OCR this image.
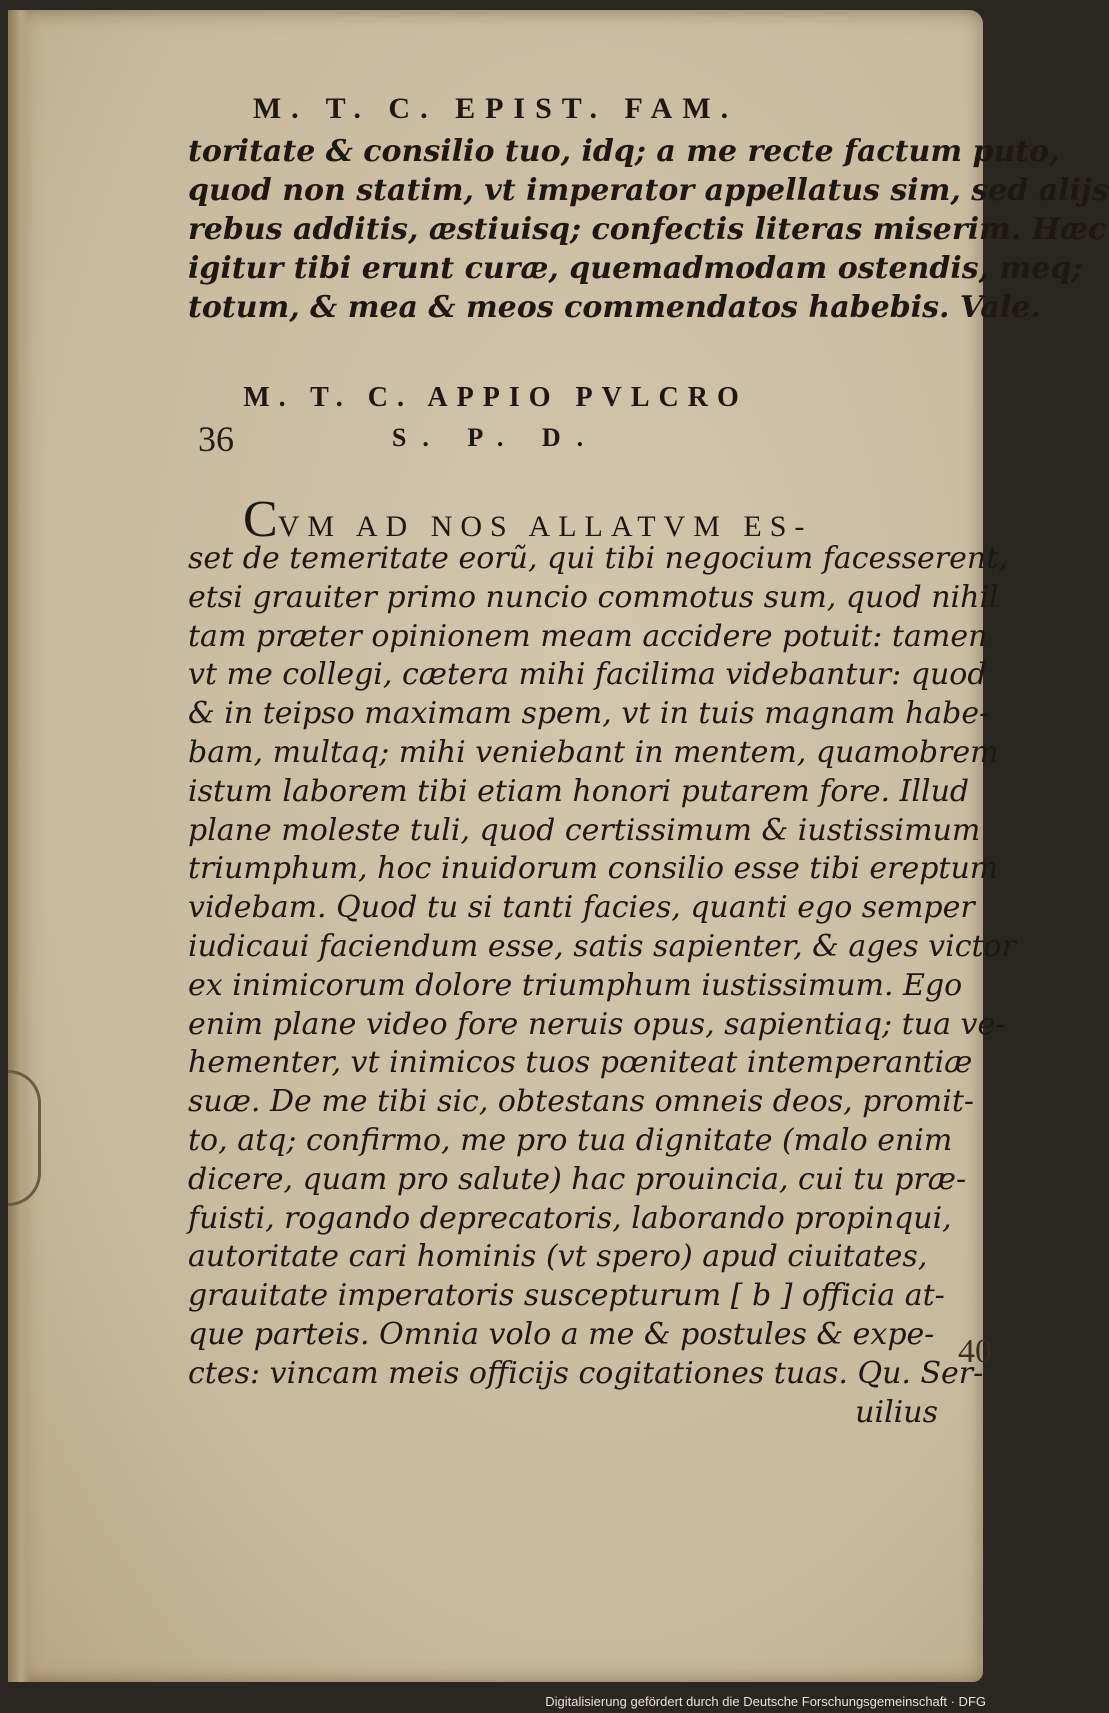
M. T. C. EPIST. FAM.

toritate & consilio tuo, idq; a me recte factum puto,
quod non statim, vt imperator appellatus sim, sed alijs
rebus additis, æstiuisq; confectis literas miserim. Hæc
igitur tibi erunt curæ, quemadmodam ostendis, meq;
totum, & mea & meos commendatos habebis. Vale.

M. T. C. APPIO PVLCRO
36	S. P. D.
CVM AD NOS ALLATVM ES-

set de temeritate eorũ, qui tibi negocium facesserent,
etsi grauiter primo nuncio commotus sum, quod nihil
tam præter opinionem meam accidere potuit: tamen
vt me collegi, cætera mihi facilima videbantur: quod
& in teipso maximam spem, vt in tuis magnam habe-
bam, multaq; mihi veniebant in mentem, quamobrem
istum laborem tibi etiam honori putarem fore. Illud
plane moleste tuli, quod certissimum & iustissimum
triumphum, hoc inuidorum consilio esse tibi ereptum
videbam. Quod tu si tanti facies, quanti ego semper
iudicaui faciendum esse, satis sapienter, & ages victor
ex inimicorum dolore triumphum iustissimum. Ego
enim plane video fore neruis opus, sapientiaq; tua ve-
hementer, vt inimicos tuos pœniteat intemperantiæ
suæ. De me tibi sic, obtestans omneis deos, promit-
to, atq; confirmo, me pro tua dignitate (malo enim
dicere, quam pro salute) hac prouincia, cui tu præ-
fuisti, rogando deprecatoris, laborando propinqui,
autoritate cari hominis (vt spero) apud ciuitates,
grauitate imperatoris suscepturum [ b ] officia at-
que parteis. Omnia volo a me & postules & expe-
ctes: vincam meis officijs cogitationes tuas. Qu. Ser-
uilius

40
Digitalisierung gefördert durch die Deutsche Forschungsgemeinschaft · DFG
